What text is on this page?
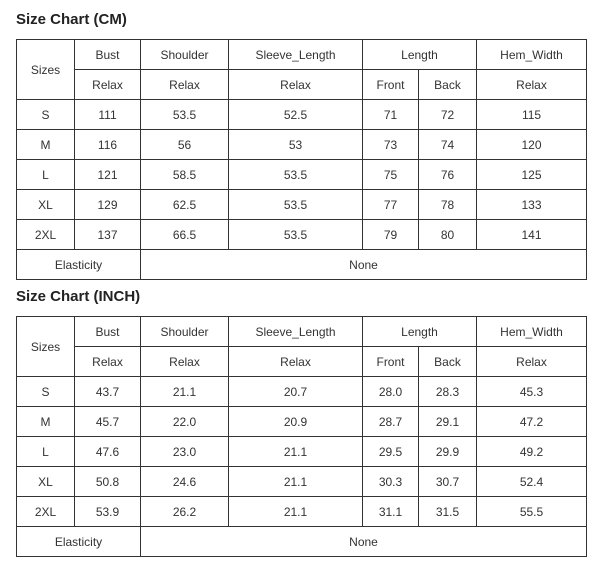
Size Chart (CM)
Sizes	Bust	Shoulder	Sleeve_Length	Length		Hem_Width
	Relax	Relax	Relax	Front	Back	Relax
S	111	53.5	52.5	71	72	115
M	116	56	53	73	74	120
L	121	58.5	53.5	75	76	125
XL	129	62.5	53.5	77	78	133
2XL	137	66.5	53.5	79	80	141
Elasticity		None				
Size Chart (INCH)
Sizes	Bust	Shoulder	Sleeve_Length	Length		Hem_Width
	Relax	Relax	Relax	Front	Back	Relax
S	43.7	21.1	20.7	28.0	28.3	45.3
M	45.7	22.0	20.9	28.7	29.1	47.2
L	47.6	23.0	21.1	29.5	29.9	49.2
XL	50.8	24.6	21.1	30.3	30.7	52.4
2XL	53.9	26.2	21.1	31.1	31.5	55.5
Elasticity		None				
